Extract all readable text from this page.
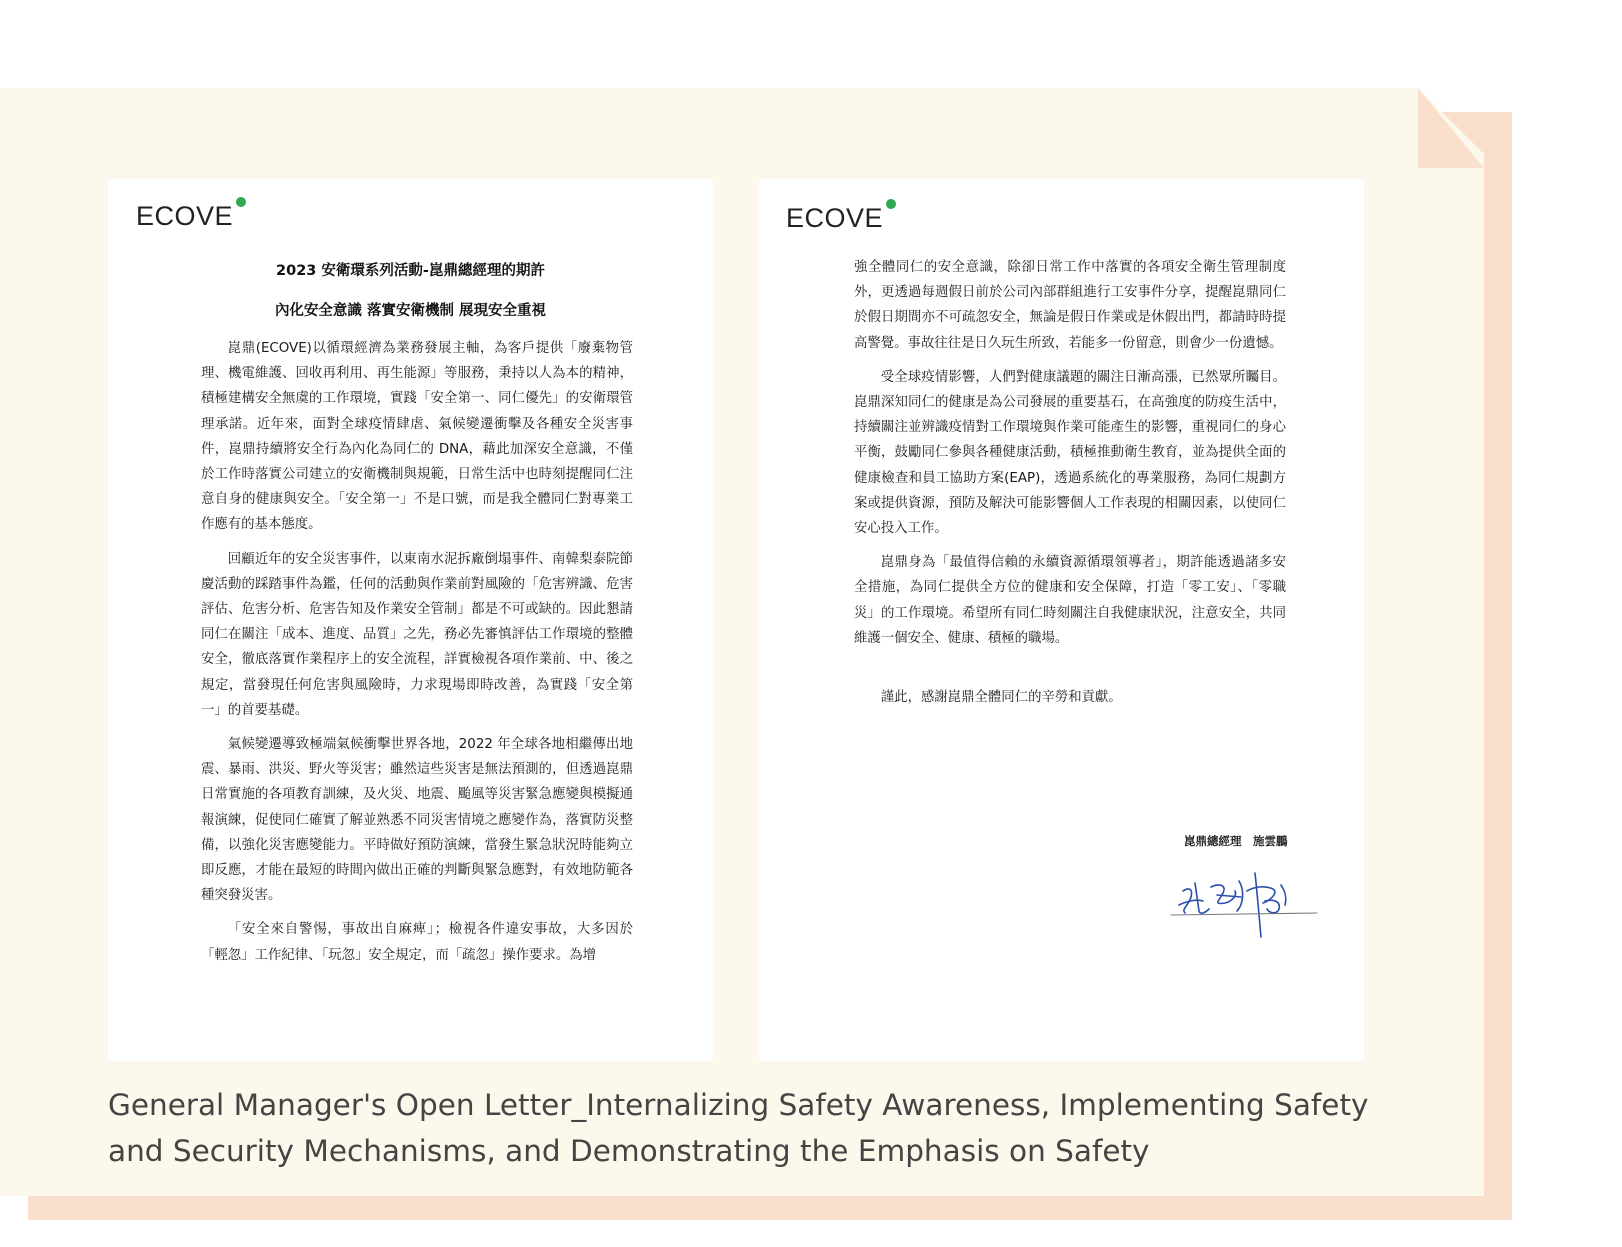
ECOVE
2023 安衛環系列活動-崑鼎總經理的期許
內化安全意識 落實安衛機制 展現安全重視

崑鼎(ECOVE)以循環經濟為業務發展主軸，為客戶提供「廢棄物管理、機電維護、回收再利用、再生能源」等服務，秉持以人為本的精神，積極建構安全無虞的工作環境，實踐「安全第一、同仁優先」的安衛環管理承諾。近年來，面對全球疫情肆虐、氣候變遷衝擊及各種安全災害事件，崑鼎持續將安全行為內化為同仁的 DNA，藉此加深安全意識，不僅於工作時落實公司建立的安衛機制與規範，日常生活中也時刻提醒同仁注意自身的健康與安全。「安全第一」不是口號，而是我全體同仁對專業工作應有的基本態度。

回顧近年的安全災害事件，以東南水泥拆廠倒塌事件、南韓梨泰院節慶活動的踩踏事件為鑑，任何的活動與作業前對風險的「危害辨識、危害評估、危害分析、危害告知及作業安全管制」都是不可或缺的。因此懇請同仁在關注「成本、進度、品質」之先，務必先審慎評估工作環境的整體安全，徹底落實作業程序上的安全流程，詳實檢視各項作業前、中、後之規定，當發現任何危害與風險時，力求現場即時改善，為實踐「安全第一」的首要基礎。

氣候變遷導致極端氣候衝擊世界各地，2022 年全球各地相繼傳出地震、暴雨、洪災、野火等災害；雖然這些災害是無法預測的，但透過崑鼎日常實施的各項教育訓練，及火災、地震、颱風等災害緊急應變與模擬通報演練，促使同仁確實了解並熟悉不同災害情境之應變作為，落實防災整備，以強化災害應變能力。平時做好預防演練，當發生緊急狀況時能夠立即反應，才能在最短的時間內做出正確的判斷與緊急應對，有效地防範各種突發災害。

「安全來自警惕，事故出自麻痺」；檢視各件違安事故，大多因於「輕忽」工作紀律、「玩忽」安全規定，而「疏忽」操作要求。為增

ECOVE

強全體同仁的安全意識，除卻日常工作中落實的各項安全衛生管理制度外，更透過每週假日前於公司內部群組進行工安事件分享，提醒崑鼎同仁於假日期間亦不可疏忽安全，無論是假日作業或是休假出門，都請時時提高警覺。事故往往是日久玩生所致，若能多一份留意，則會少一份遺憾。

受全球疫情影響，人們對健康議題的關注日漸高漲，已然眾所矚目。崑鼎深知同仁的健康是為公司發展的重要基石，在高強度的防疫生活中，持續關注並辨識疫情對工作環境與作業可能產生的影響，重視同仁的身心平衡，鼓勵同仁參與各種健康活動，積極推動衛生教育，並為提供全面的健康檢查和員工協助方案(EAP)，透過系統化的專業服務，為同仁規劃方案或提供資源，預防及解決可能影響個人工作表現的相關因素，以使同仁安心投入工作。

崑鼎身為「最值得信賴的永續資源循環領導者」，期許能透過諸多安全措施，為同仁提供全方位的健康和安全保障，打造「零工安」、「零職災」的工作環境。希望所有同仁時刻關注自我健康狀況，注意安全，共同維護一個安全、健康、積極的職場。

謹此，感謝崑鼎全體同仁的辛勞和貢獻。

崑鼎總經理　施雲鵬
General Manager's Open Letter_Internalizing Safety Awareness, Implementing Safety and Security Mechanisms, and Demonstrating the Emphasis on Safety
